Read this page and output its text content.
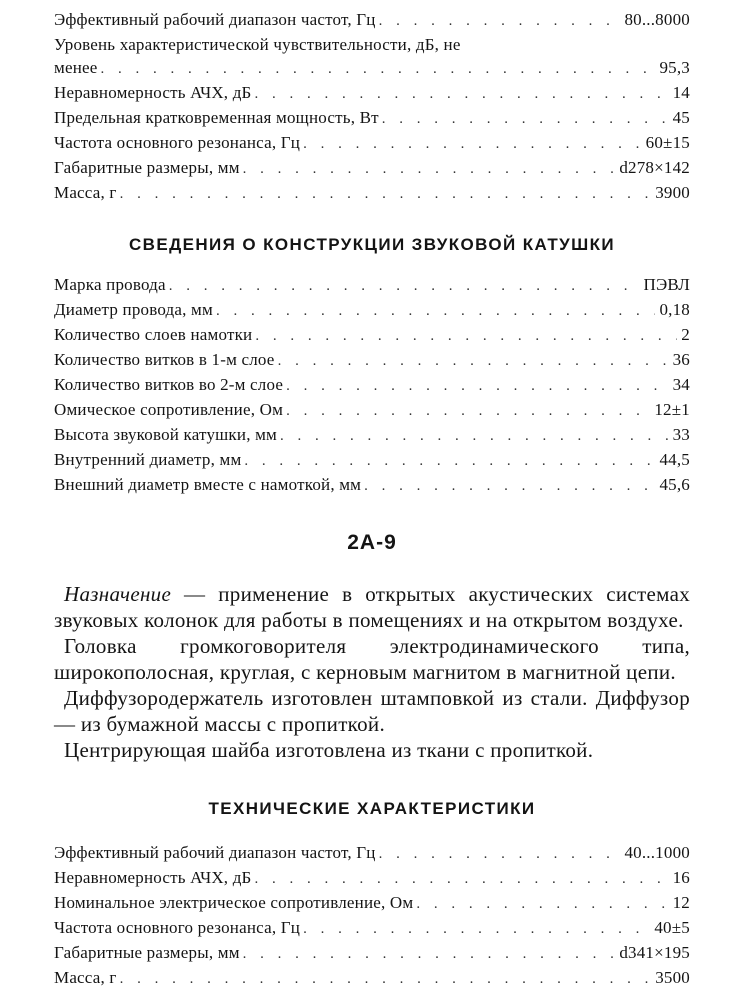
Эффективный рабочий диапазон частот, Гц . . .	80...8000
Уровень характеристической чувствительности, дБ, не
менее . . .	95,3
Неравномерность АЧХ, дБ . . .	14
Предельная кратковременная мощность, Вт . . .	45
Частота основного резонанса, Гц . . .	60±15
Габаритные размеры, мм . . .	d278×142
Масса, г . . .	3900
СВЕДЕНИЯ О КОНСТРУКЦИИ ЗВУКОВОЙ КАТУШКИ
Марка провода . . .	ПЭВЛ
Диаметр провода, мм . . .	0,18
Количество слоев намотки . . .	2
Количество витков в 1-м слое . . .	36
Количество витков во 2-м слое . . .	34
Омическое сопротивление, Ом . . .	12±1
Высота звуковой катушки, мм . . .	33
Внутренний диаметр, мм . . .	44,5
Внешний диаметр вместе с намоткой, мм . . .	45,6
2А-9

Назначение — применение в открытых акустических системах звуковых колонок для работы в помещениях и на открытом воздухе.

Головка громкоговорителя электродинамического типа, широкополосная, круглая, с керновым магнитом в магнитной цепи.

Диффузородержатель изготовлен штамповкой из стали. Диффузор — из бумажной массы с пропиткой.

Центрирующая шайба изготовлена из ткани с пропиткой.

ТЕХНИЧЕСКИЕ ХАРАКТЕРИСТИКИ
Эффективный рабочий диапазон частот, Гц . . .	40...1000
Неравномерность АЧХ, дБ . . .	16
Номинальное электрическое сопротивление, Ом . . .	12
Частота основного резонанса, Гц . . .	40±5
Габаритные размеры, мм . . .	d341×195
Масса, г . . .	3500
